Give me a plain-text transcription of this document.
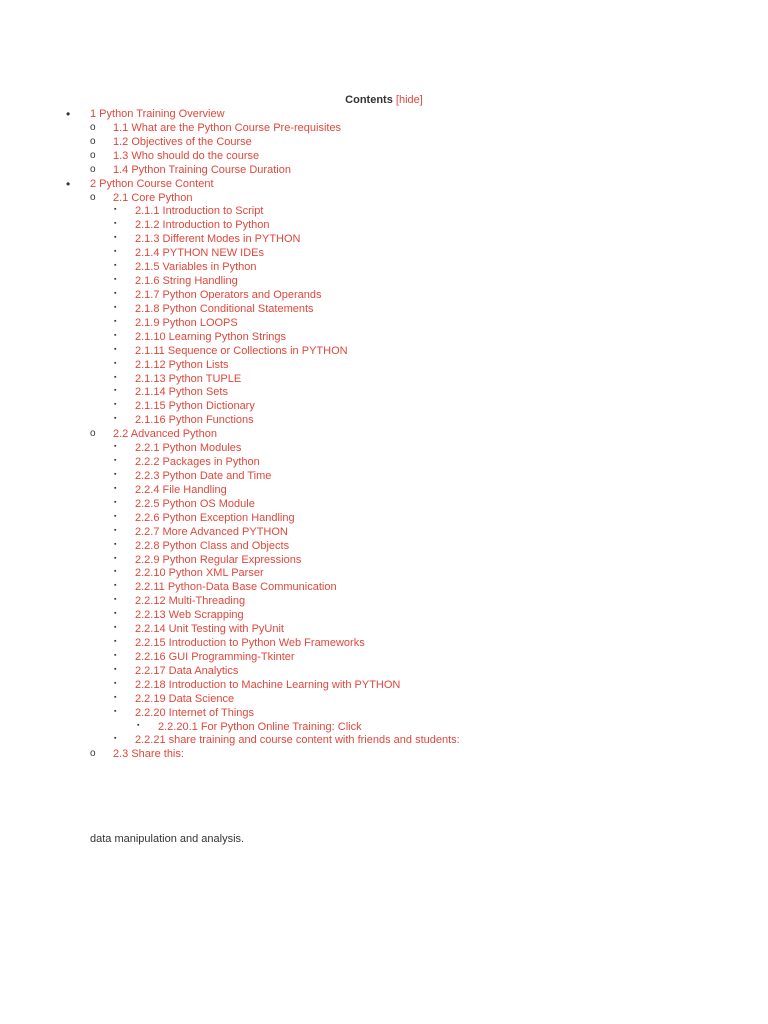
Contents [hide]
• 1 Python Training Overview
o 1.1 What are the Python Course Pre-requisites
o 1.2 Objectives of the Course
o 1.3 Who should do the course
o 1.4 Python Training Course Duration
• 2 Python Course Content
o 2.1 Core Python
▪ 2.1.1 Introduction to Script
▪ 2.1.2 Introduction to Python
▪ 2.1.3 Different Modes in PYTHON
▪ 2.1.4 PYTHON NEW IDEs
▪ 2.1.5 Variables in Python
▪ 2.1.6 String Handling
▪ 2.1.7 Python Operators and Operands
▪ 2.1.8 Python Conditional Statements
▪ 2.1.9 Python LOOPS
▪ 2.1.10 Learning Python Strings
▪ 2.1.11 Sequence or Collections in PYTHON
▪ 2.1.12 Python Lists
▪ 2.1.13 Python TUPLE
▪ 2.1.14 Python Sets
▪ 2.1.15 Python Dictionary
▪ 2.1.16 Python Functions
o 2.2 Advanced Python
▪ 2.2.1 Python Modules
▪ 2.2.2 Packages in Python
▪ 2.2.3 Python Date and Time
▪ 2.2.4 File Handling
▪ 2.2.5 Python OS Module
▪ 2.2.6 Python Exception Handling
▪ 2.2.7 More Advanced PYTHON
▪ 2.2.8 Python Class and Objects
▪ 2.2.9 Python Regular Expressions
▪ 2.2.10 Python XML Parser
▪ 2.2.11 Python-Data Base Communication
▪ 2.2.12 Multi-Threading
▪ 2.2.13 Web Scrapping
▪ 2.2.14 Unit Testing with PyUnit
▪ 2.2.15 Introduction to Python Web Frameworks
▪ 2.2.16 GUI Programming-Tkinter
▪ 2.2.17 Data Analytics
▪ 2.2.18 Introduction to Machine Learning with PYTHON
▪ 2.2.19 Data Science
▪ 2.2.20 Internet of Things
▪ 2.2.20.1 For Python Online Training: Click
▪ 2.2.21 share training and course content with friends and students:
o 2.3 Share this:
data manipulation and analysis.
